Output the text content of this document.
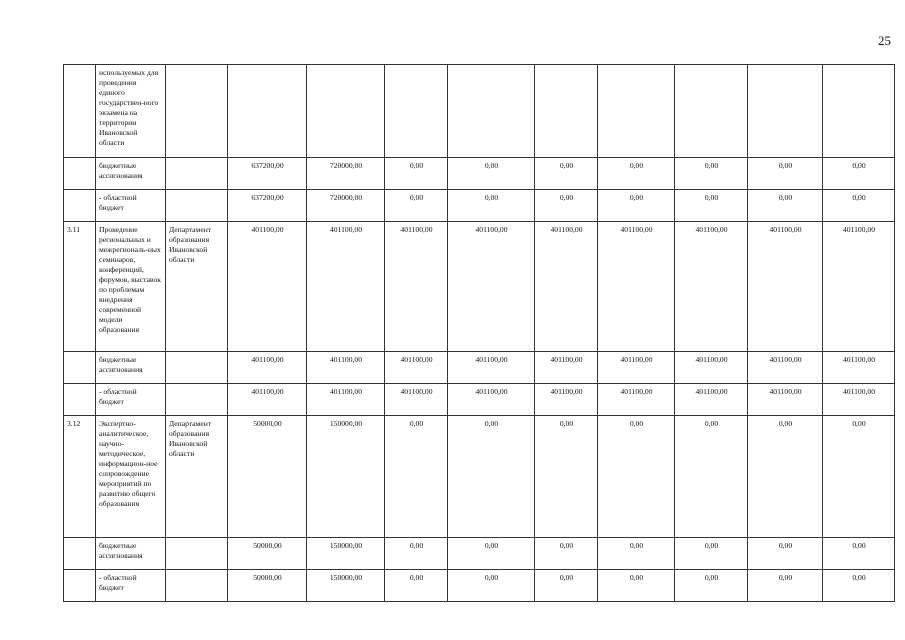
25
	используемых для проведения единого государствен-ного экзамена на территории Ивановской области										
	бюджетные ассигнования		637200,00	720000,00	0,00	0,00	0,00	0,00	0,00	0,00	0,00
	- областной бюджет		637200,00	720000,00	0,00	0,00	0,00	0,00	0,00	0,00	0,00
3.11	Проведение региональных и межрегиональ-ных семинаров, конференций, форумов, выставок по проблемам внедрения современной модели образования	Департамент образования Ивановской области	401100,00	401100,00	401100,00	401100,00	401100,00	401100,00	401100,00	401100,00	401100,00
	бюджетные ассигнования		401100,00	401100,00	401100,00	401100,00	401100,00	401100,00	401100,00	401100,00	401100,00
	- областной бюджет		401100,00	401100,00	401100,00	401100,00	401100,00	401100,00	401100,00	401100,00	401100,00
3.12	Экспертно-аналитическое, научно-методическое, информацион-ное сопровождение мероприятий по развитию общего образования	Департамент образования Ивановской области	50000,00	150000,00	0,00	0,00	0,00	0,00	0,00	0,00	0,00
	бюджетные ассигнования		50000,00	150000,00	0,00	0,00	0,00	0,00	0,00	0,00	0,00
	- областной бюджет		50000,00	150000,00	0,00	0,00	0,00	0,00	0,00	0,00	0,00
